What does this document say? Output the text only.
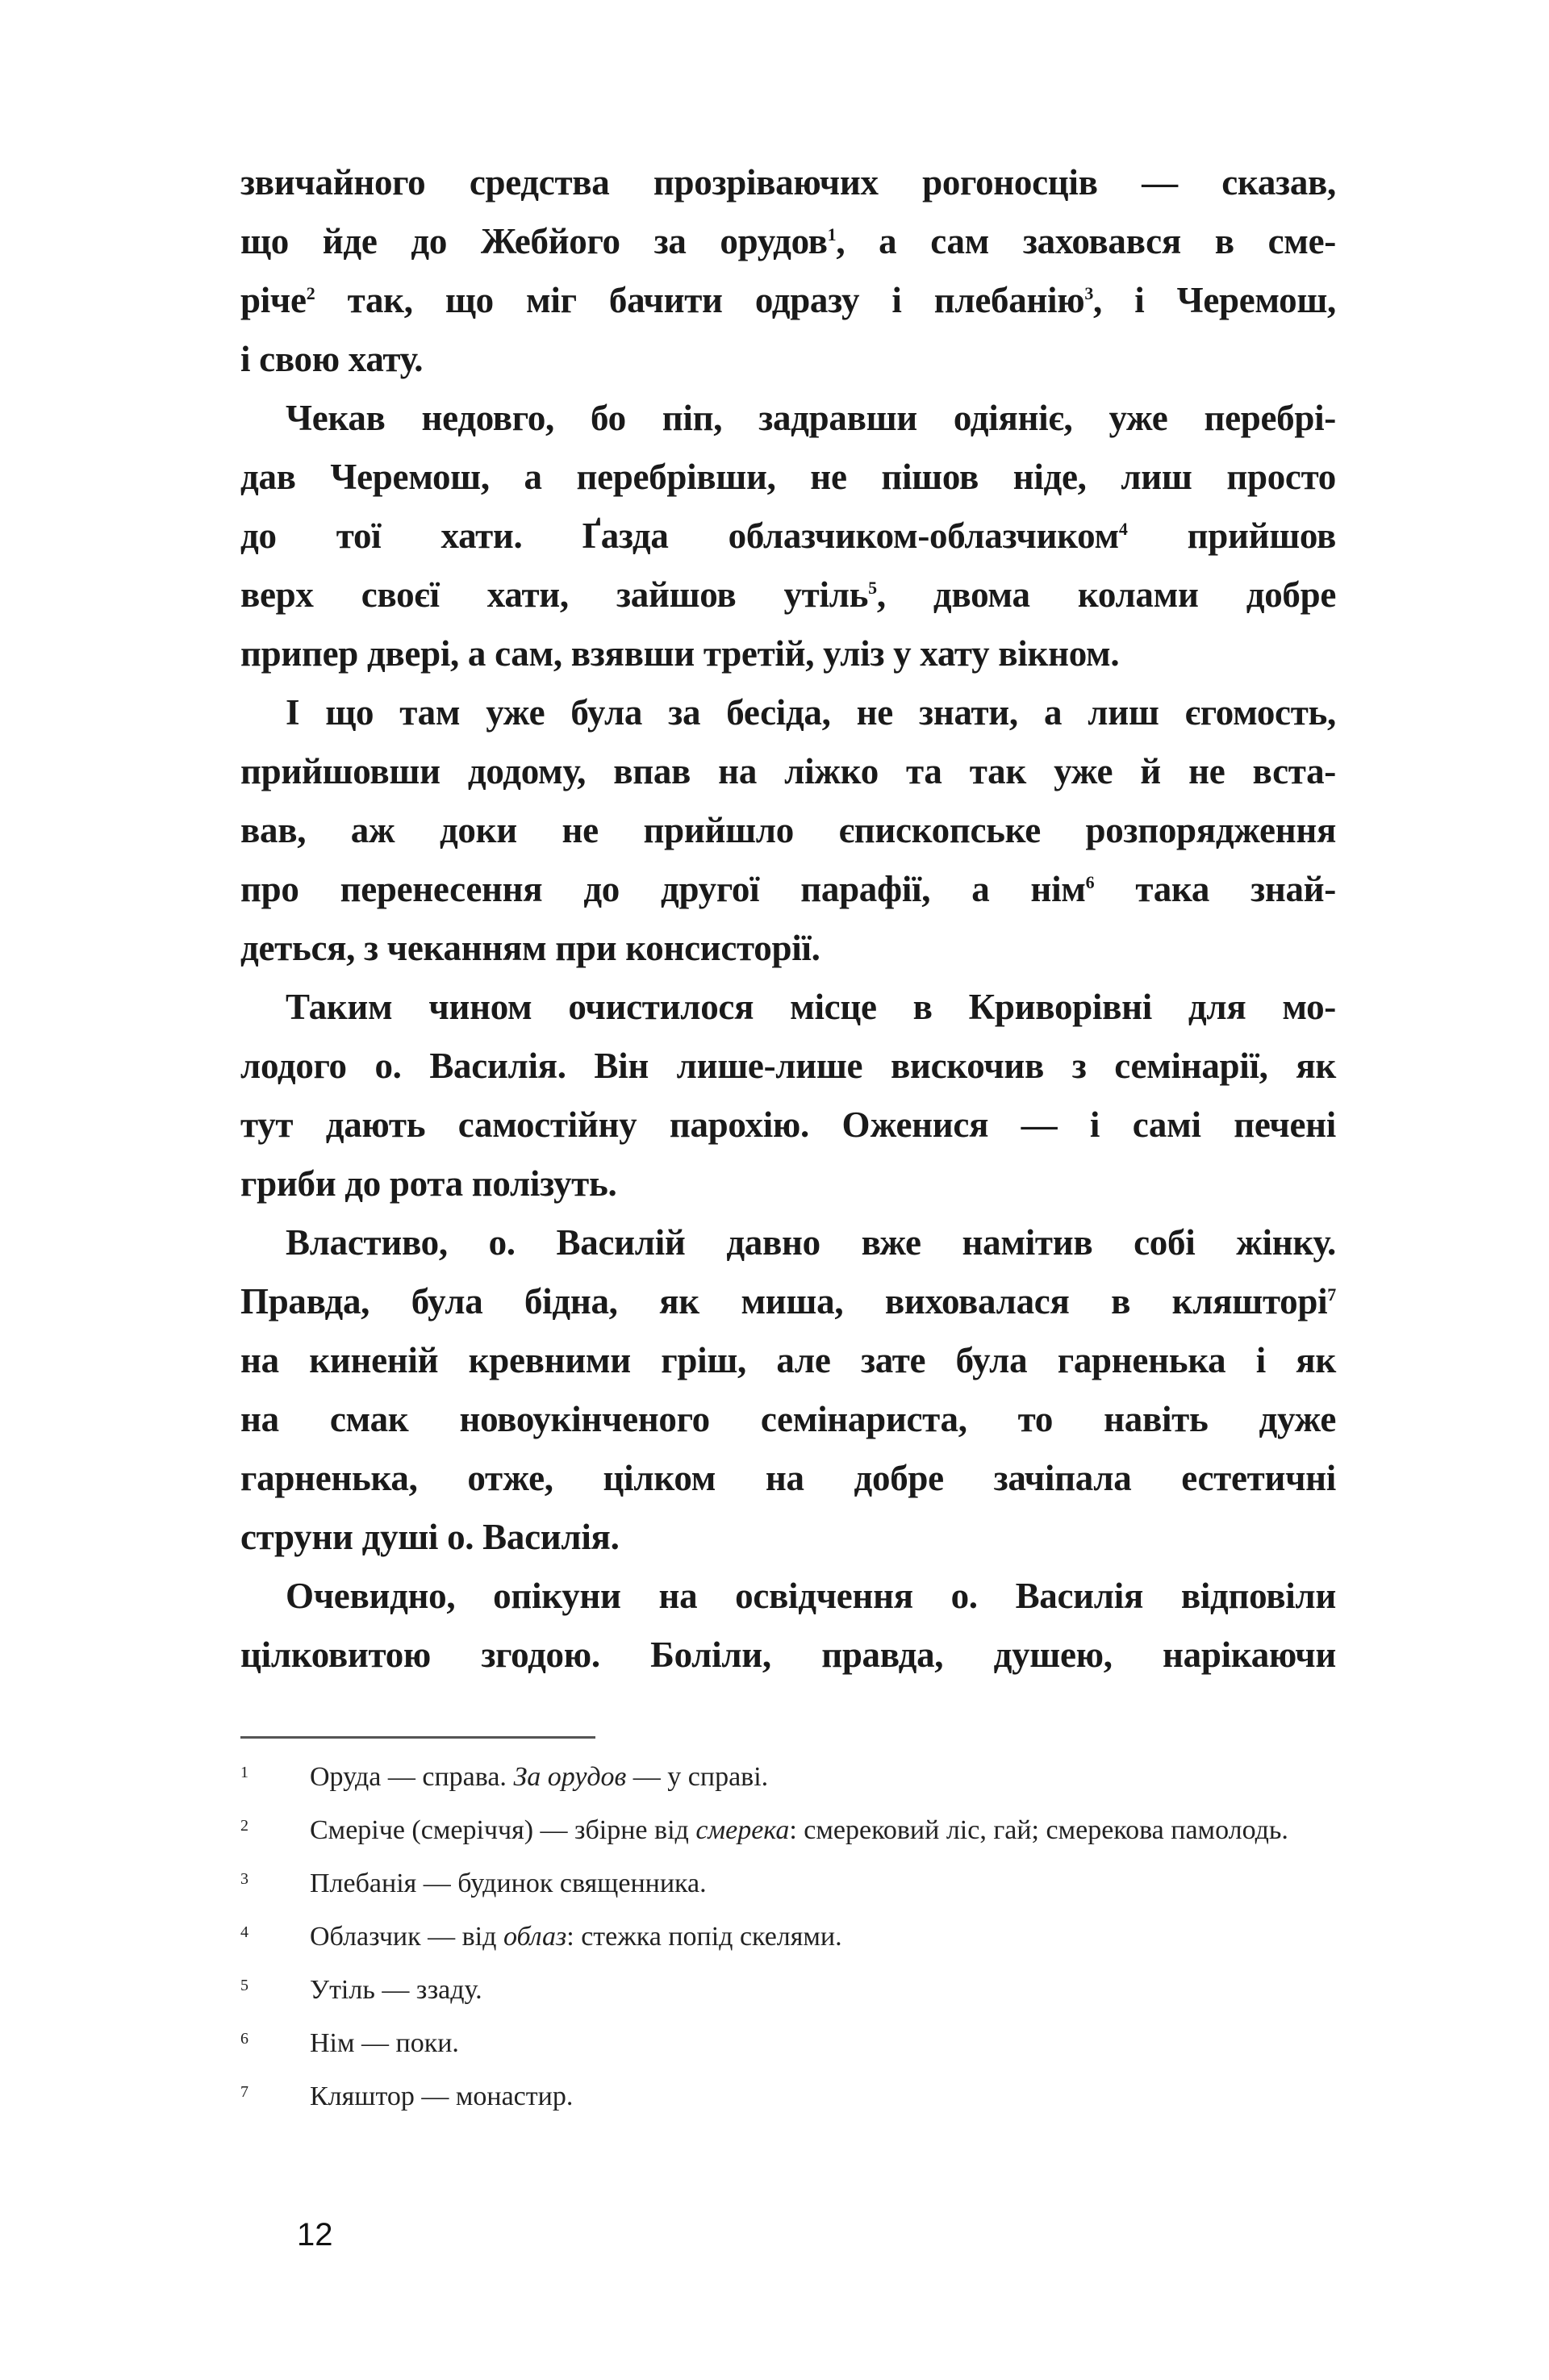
звичайного средства прозріваючих рогоносців — сказав,
що йде до Жебйого за орудов$^1$, а сам заховався в сме-
річе$^2$ так, що міг бачити одразу і плебанію$^3$, і Черемош,
і свою хату.
Чекав недовго, бо піп, задравши одіяніє, уже перебрі-
дав Черемош, а перебрівши, не пішов ніде, лиш просто
до тої хати. Ґазда облазчиком-облазчиком$^4$ прийшов
верх своєї хати, зайшов утіль$^5$, двома колами добре
припер двері, а сам, взявши третій, уліз у хату вікном.
І що там уже була за бесіда, не знати, а лиш єгомость,
прийшовши додому, впав на ліжко та так уже й не вста-
вав, аж доки не прийшло єпископське розпорядження
про перенесення до другої парафії, а нім$^6$ така знай-
деться, з чеканням при консисторії.
Таким чином очистилося місце в Криворівні для мо-
лодого о. Василія. Він лише-лише вискочив з семінарії, як
тут дають самостійну парохію. Оженися — і самі печені
гриби до рота полізуть.
Властиво, о. Василій давно вже намітив собі жінку.
Правда, була бідна, як миша, виховалася в кляшторі$^7$
на киненій кревними гріш, але зате була гарненька і як
на смак новоукінченого семінариста, то навіть дуже
гарненька, отже, цілком на добре зачіпала естетичні
струни душі о. Василія.
Очевидно, опікуни на освідчення о. Василія відповіли
цілковитою згодою. Боліли, правда, душею, нарікаючи
1 Оруда — справа. За орудов — у справі.
2 Смеріче (смеріччя) — збірне від смерека: смерековий ліс, гай; смерекова памолодь.
3 Плебанія — будинок священника.
4 Облазчик — від облаз: стежка попід скелями.
5 Утіль — ззаду.
6 Нім — поки.
7 Кляштор — монастир.
12
